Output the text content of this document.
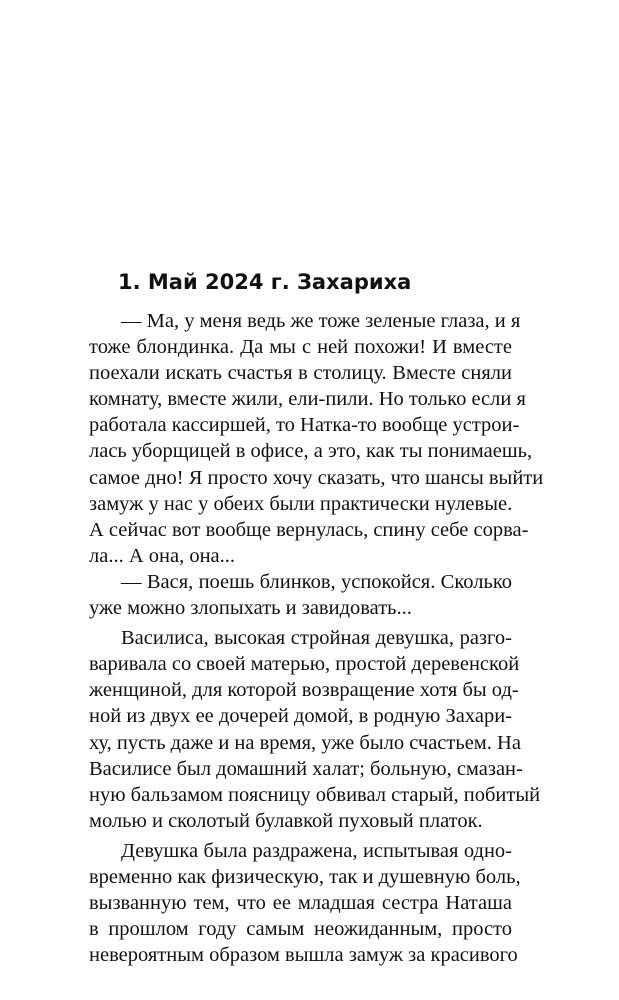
1. Май 2024 г. Захариха
— Ма, у меня ведь же тоже зеленые глаза, и я
тоже блондинка. Да мы с ней похожи! И вместе
поехали искать счастья в столицу. Вместе сняли
комнату, вместе жили, ели-пили. Но только если я
работала кассиршей, то Натка-то вообще устрои-
лась уборщицей в офисе, а это, как ты понимаешь,
самое дно! Я просто хочу сказать, что шансы выйти
замуж у нас у обеих были практически нулевые.
А сейчас вот вообще вернулась, спину себе сорва-
ла... А она, она...
— Вася, поешь блинков, успокойся. Сколько
уже можно злопыхать и завидовать...
Василиса, высокая стройная девушка, разго-
варивала со своей матерью, простой деревенской
женщиной, для которой возвращение хотя бы од-
ной из двух ее дочерей домой, в родную Захари-
ху, пусть даже и на время, уже было счастьем. На
Василисе был домашний халат; больную, смазан-
ную бальзамом поясницу обвивал старый, побитый
молью и сколотый булавкой пуховый платок.
Девушка была раздражена, испытывая одно-
временно как физическую, так и душевную боль,
вызванную тем, что ее младшая сестра Наташа
в прошлом году самым неожиданным, просто
невероятным образом вышла замуж за красивого
